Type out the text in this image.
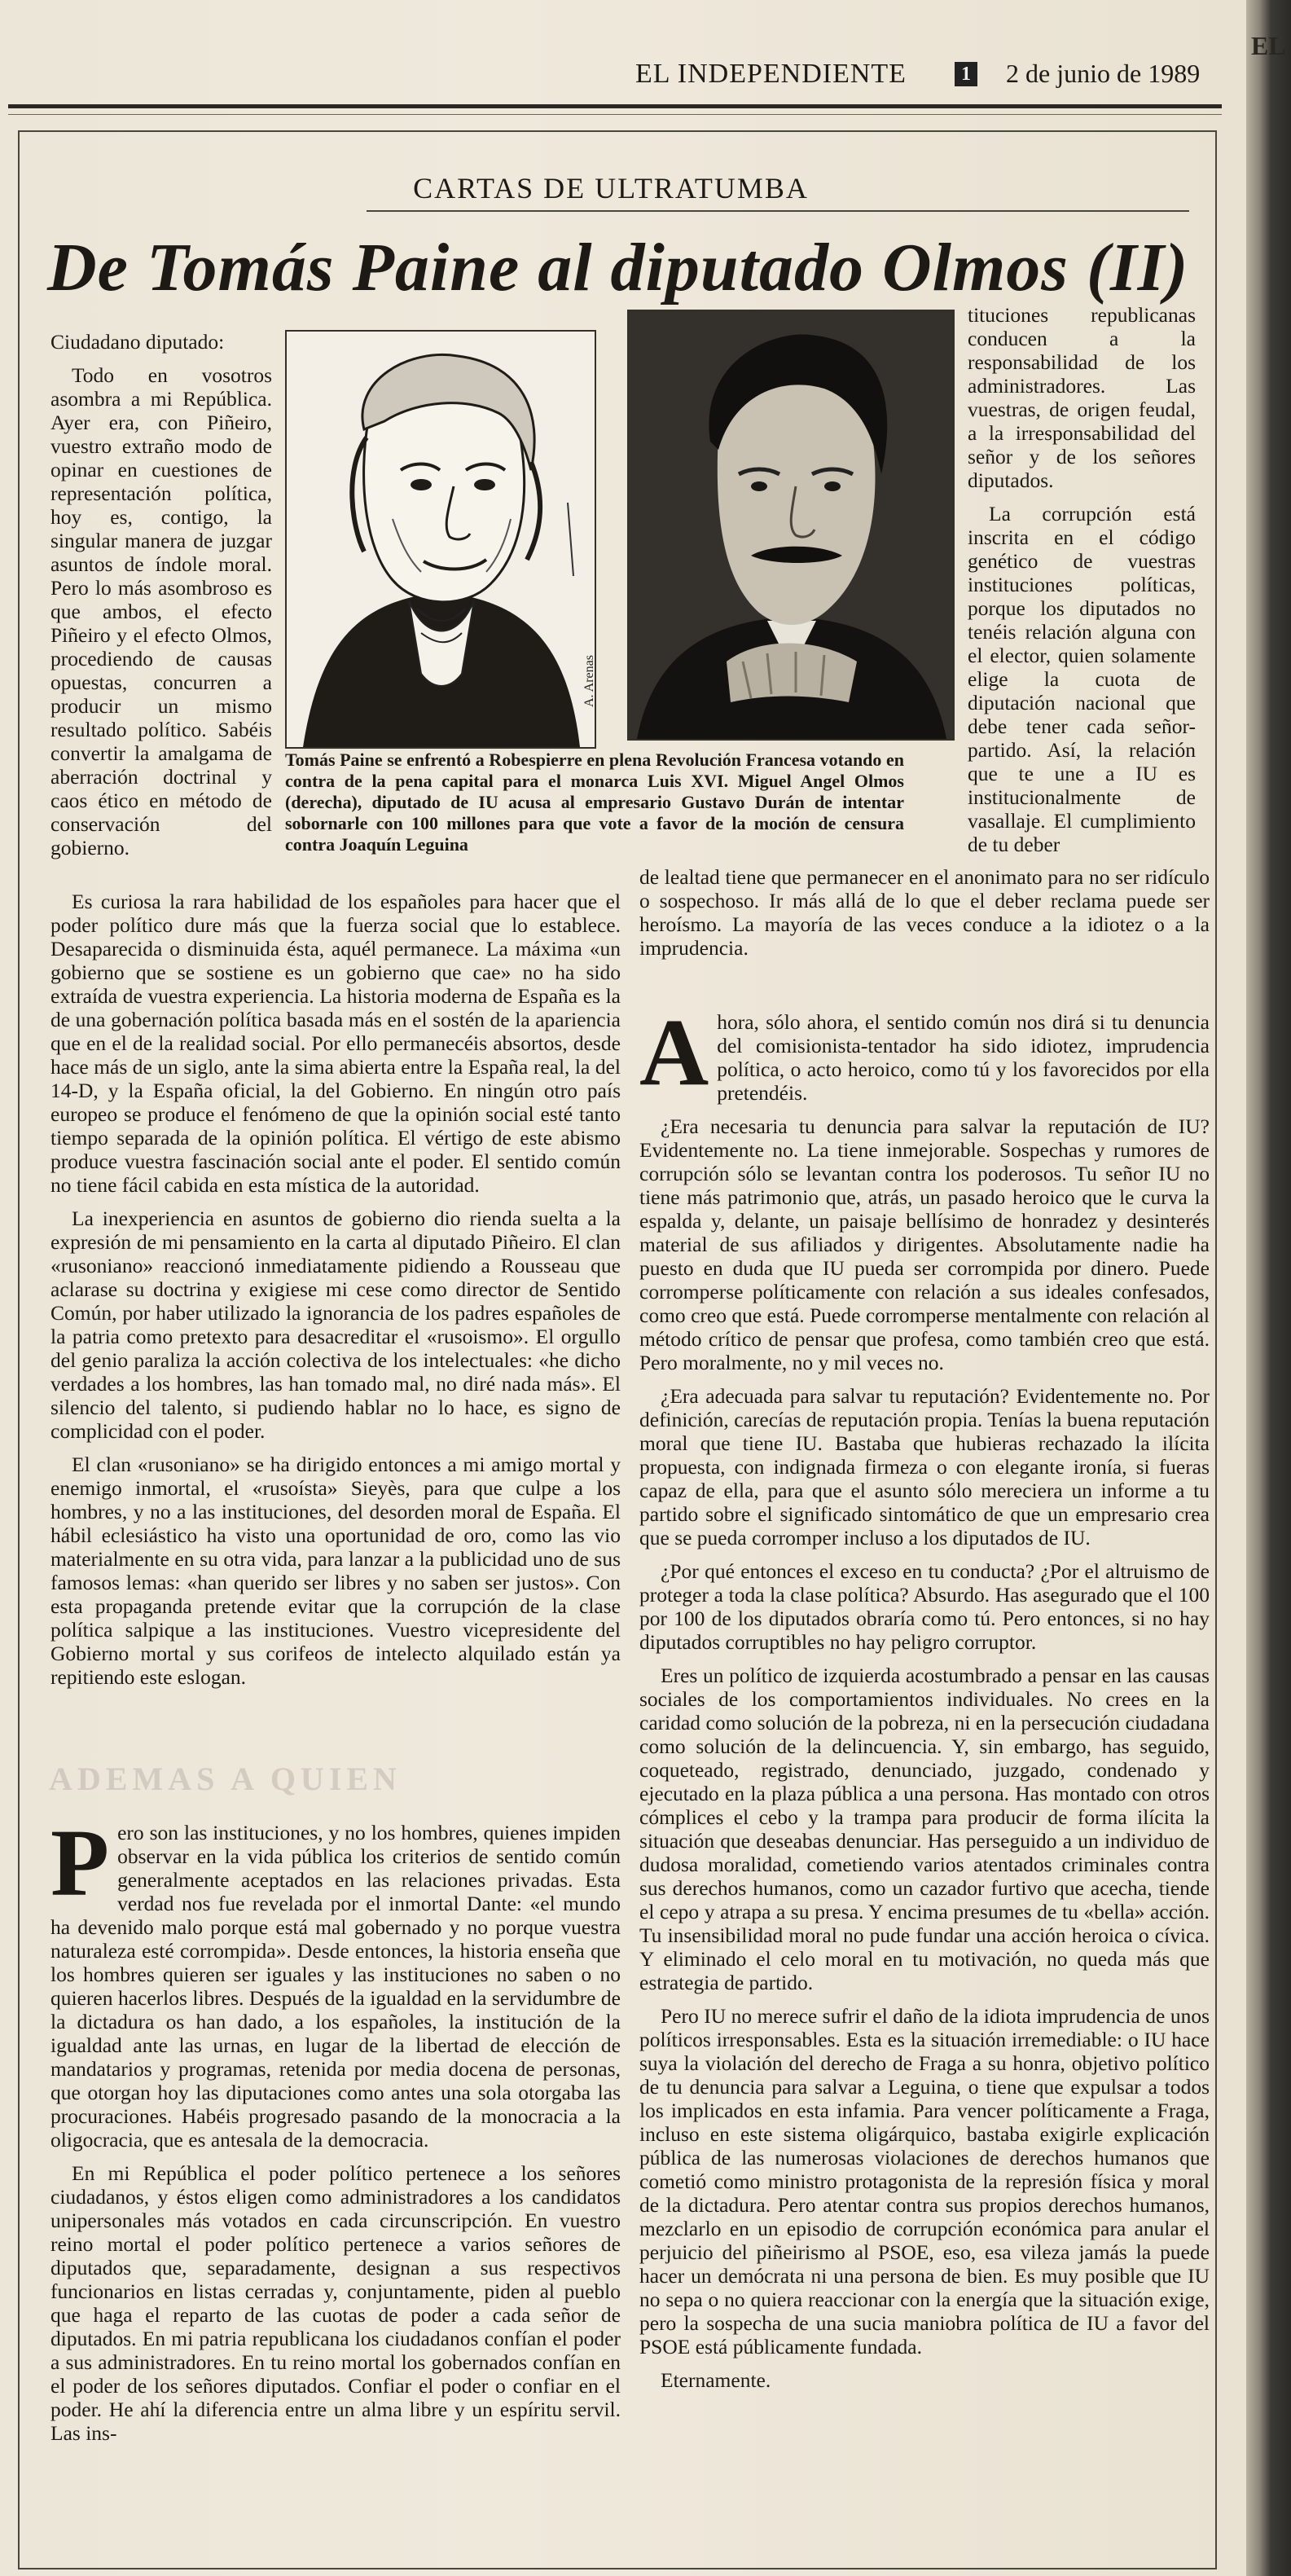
EL
EL INDEPENDIENTE	1 2 de junio de 1989
CARTAS DE ULTRATUMBA
De Tomás Paine al diputado Olmos (II)
Tomás Paine se enfrentó a Robespierre en plena Revolución Francesa votando en contra de la pena capital para el monarca Luis XVI. Miguel Angel Olmos (derecha), diputado de IU acusa al empresario Gustavo Durán de intentar sobornarle con 100 millones para que vote a favor de la moción de censura contra Joaquín Leguina

Ciudadano diputado:

Todo en vosotros asombra a mi República. Ayer era, con Piñeiro, vuestro extraño modo de opinar en cuestiones de representación política, hoy es, contigo, la singular manera de juzgar asuntos de índole moral. Pero lo más asombroso es que ambos, el efecto Piñeiro y el efecto Olmos, procediendo de causas opuestas, concurren a producir un mismo resultado político. Sabéis convertir la amalgama de aberración doctrinal y caos ético en método de conservación del gobierno.

tituciones republicanas conducen a la responsabilidad de los administradores. Las vuestras, de origen feudal, a la irresponsabilidad del señor y de los señores diputados.

La corrupción está inscrita en el código genético de vuestras instituciones políticas, porque los diputados no tenéis relación alguna con el elector, quien solamente elige la cuota de diputación nacional que debe tener cada señor-partido. Así, la relación que te une a IU es institucionalmente de vasallaje. El cumplimiento de tu deber

Es curiosa la rara habilidad de los españoles para hacer que el poder político dure más que la fuerza social que lo establece. Desaparecida o disminuida ésta, aquél permanece. La máxima «un gobierno que se sostiene es un gobierno que cae» no ha sido extraída de vuestra experiencia. La historia moderna de España es la de una gobernación política basada más en el sostén de la apariencia que en el de la realidad social. Por ello permanecéis absortos, desde hace más de un siglo, ante la sima abierta entre la España real, la del 14-D, y la España oficial, la del Gobierno. En ningún otro país europeo se produce el fenómeno de que la opinión social esté tanto tiempo separada de la opinión política. El vértigo de este abismo produce vuestra fascinación social ante el poder. El sentido común no tiene fácil cabida en esta mística de la autoridad.

La inexperiencia en asuntos de gobierno dio rienda suelta a la expresión de mi pensamiento en la carta al diputado Piñeiro. El clan «rusoniano» reaccionó inmediatamente pidiendo a Rousseau que aclarase su doctrina y exigiese mi cese como director de Sentido Común, por haber utilizado la ignorancia de los padres españoles de la patria como pretexto para desacreditar el «rusoismo». El orgullo del genio paraliza la acción colectiva de los intelectuales: «he dicho verdades a los hombres, las han tomado mal, no diré nada más». El silencio del talento, si pudiendo hablar no lo hace, es signo de complicidad con el poder.

El clan «rusoniano» se ha dirigido entonces a mi amigo mortal y enemigo inmortal, el «rusoísta» Sieyès, para que culpe a los hombres, y no a las instituciones, del desorden moral de España. El hábil eclesiástico ha visto una oportunidad de oro, como las vio materialmente en su otra vida, para lanzar a la publicidad uno de sus famosos lemas: «han querido ser libres y no saben ser justos». Con esta propaganda pretende evitar que la corrupción de la clase política salpique a las instituciones. Vuestro vicepresidente del Gobierno mortal y sus corifeos de intelecto alquilado están ya repitiendo este eslogan.

ADEMAS A QUIEN

Pero son las instituciones, y no los hombres, quienes impiden observar en la vida pública los criterios de sentido común generalmente aceptados en las relaciones privadas. Esta verdad nos fue revelada por el inmortal Dante: «el mundo ha devenido malo porque está mal gobernado y no porque vuestra naturaleza esté corrompida». Desde entonces, la historia enseña que los hombres quieren ser iguales y las instituciones no saben o no quieren hacerlos libres. Después de la igualdad en la servidumbre de la dictadura os han dado, a los españoles, la institución de la igualdad ante las urnas, en lugar de la libertad de elección de mandatarios y programas, retenida por media docena de personas, que otorgan hoy las diputaciones como antes una sola otorgaba las procuraciones. Habéis progresado pasando de la monocracia a la oligocracia, que es antesala de la democracia.

En mi República el poder político pertenece a los señores ciudadanos, y éstos eligen como administradores a los candidatos unipersonales más votados en cada circunscripción. En vuestro reino mortal el poder político pertenece a varios señores de diputados que, separadamente, designan a sus respectivos funcionarios en listas cerradas y, conjuntamente, piden al pueblo que haga el reparto de las cuotas de poder a cada señor de diputados. En mi patria republicana los ciudadanos confían el poder a sus administradores. En tu reino mortal los gobernados confían en el poder de los señores diputados. Confiar el poder o confiar en el poder. He ahí la diferencia entre un alma libre y un espíritu servil. Las ins-

de lealtad tiene que permanecer en el anonimato para no ser ridículo o sospechoso. Ir más allá de lo que el deber reclama puede ser heroísmo. La mayoría de las veces conduce a la idiotez o a la imprudencia.

Ahora, sólo ahora, el sentido común nos dirá si tu denuncia del comisionista-tentador ha sido idiotez, imprudencia política, o acto heroico, como tú y los favorecidos por ella pretendéis.

¿Era necesaria tu denuncia para salvar la reputación de IU? Evidentemente no. La tiene inmejorable. Sospechas y rumores de corrupción sólo se levantan contra los poderosos. Tu señor IU no tiene más patrimonio que, atrás, un pasado heroico que le curva la espalda y, delante, un paisaje bellísimo de honradez y desinterés material de sus afiliados y dirigentes. Absolutamente nadie ha puesto en duda que IU pueda ser corrompida por dinero. Puede corromperse políticamente con relación a sus ideales confesados, como creo que está. Puede corromperse mentalmente con relación al método crítico de pensar que profesa, como también creo que está. Pero moralmente, no y mil veces no.

¿Era adecuada para salvar tu reputación? Evidentemente no. Por definición, carecías de reputación propia. Tenías la buena reputación moral que tiene IU. Bastaba que hubieras rechazado la ilícita propuesta, con indignada firmeza o con elegante ironía, si fueras capaz de ella, para que el asunto sólo mereciera un informe a tu partido sobre el significado sintomático de que un empresario crea que se pueda corromper incluso a los diputados de IU.

¿Por qué entonces el exceso en tu conducta? ¿Por el altruismo de proteger a toda la clase política? Absurdo. Has asegurado que el 100 por 100 de los diputados obraría como tú. Pero entonces, si no hay diputados corruptibles no hay peligro corruptor.

Eres un político de izquierda acostumbrado a pensar en las causas sociales de los comportamientos individuales. No crees en la caridad como solución de la pobreza, ni en la persecución ciudadana como solución de la delincuencia. Y, sin embargo, has seguido, coqueteado, registrado, denunciado, juzgado, condenado y ejecutado en la plaza pública a una persona. Has montado con otros cómplices el cebo y la trampa para producir de forma ilícita la situación que deseabas denunciar. Has perseguido a un individuo de dudosa moralidad, cometiendo varios atentados criminales contra sus derechos humanos, como un cazador furtivo que acecha, tiende el cepo y atrapa a su presa. Y encima presumes de tu «bella» acción. Tu insensibilidad moral no pude fundar una acción heroica o cívica. Y eliminado el celo moral en tu motivación, no queda más que estrategia de partido.

Pero IU no merece sufrir el daño de la idiota imprudencia de unos políticos irresponsables. Esta es la situación irremediable: o IU hace suya la violación del derecho de Fraga a su honra, objetivo político de tu denuncia para salvar a Leguina, o tiene que expulsar a todos los implicados en esta infamia. Para vencer políticamente a Fraga, incluso en este sistema oligárquico, bastaba exigirle explicación pública de las numerosas violaciones de derechos humanos que cometió como ministro protagonista de la represión física y moral de la dictadura. Pero atentar contra sus propios derechos humanos, mezclarlo en un episodio de corrupción económica para anular el perjuicio del piñeirismo al PSOE, eso, esa vileza jamás la puede hacer un demócrata ni una persona de bien. Es muy posible que IU no sepa o no quiera reaccionar con la energía que la situación exige, pero la sospecha de una sucia maniobra política de IU a favor del PSOE está públicamente fundada.

Eternamente.

A. Arenas
